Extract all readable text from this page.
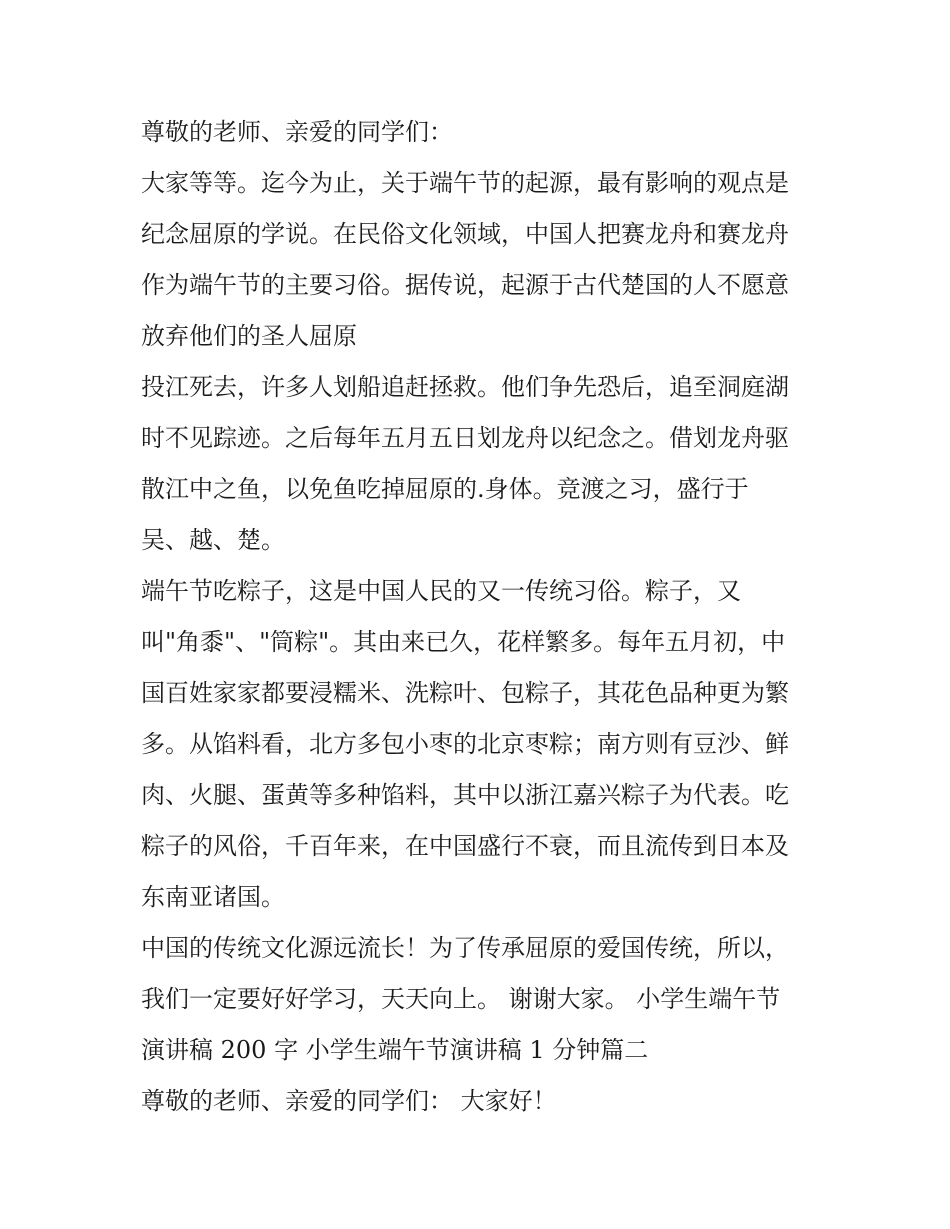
尊敬的老师、亲爱的同学们：
大家等等。迄今为止，关于端午节的起源，最有影响的观点是
纪念屈原的学说。在民俗文化领域，中国人把赛龙舟和赛龙舟
作为端午节的主要习俗。据传说，起源于古代楚国的人不愿意
放弃他们的圣人屈原
投江死去，许多人划船追赶拯救。他们争先恐后，追至洞庭湖
时不见踪迹。之后每年五月五日划龙舟以纪念之。借划龙舟驱
散江中之鱼，以免鱼吃掉屈原的.身体。竞渡之习，盛行于
吴、越、楚。
端午节吃粽子，这是中国人民的又一传统习俗。粽子，又
叫"角黍"、"筒粽"。其由来已久，花样繁多。每年五月初，中
国百姓家家都要浸糯米、洗粽叶、包粽子，其花色品种更为繁
多。从馅料看，北方多包小枣的北京枣粽；南方则有豆沙、鲜
肉、火腿、蛋黄等多种馅料，其中以浙江嘉兴粽子为代表。吃
粽子的风俗，千百年来，在中国盛行不衰，而且流传到日本及
东南亚诸国。
中国的传统文化源远流长！为了传承屈原的爱国传统，所以，
我们一定要好好学习，天天向上。 谢谢大家。 小学生端午节
演讲稿 200 字 小学生端午节演讲稿 1 分钟篇二
尊敬的老师、亲爱的同学们： 大家好！
